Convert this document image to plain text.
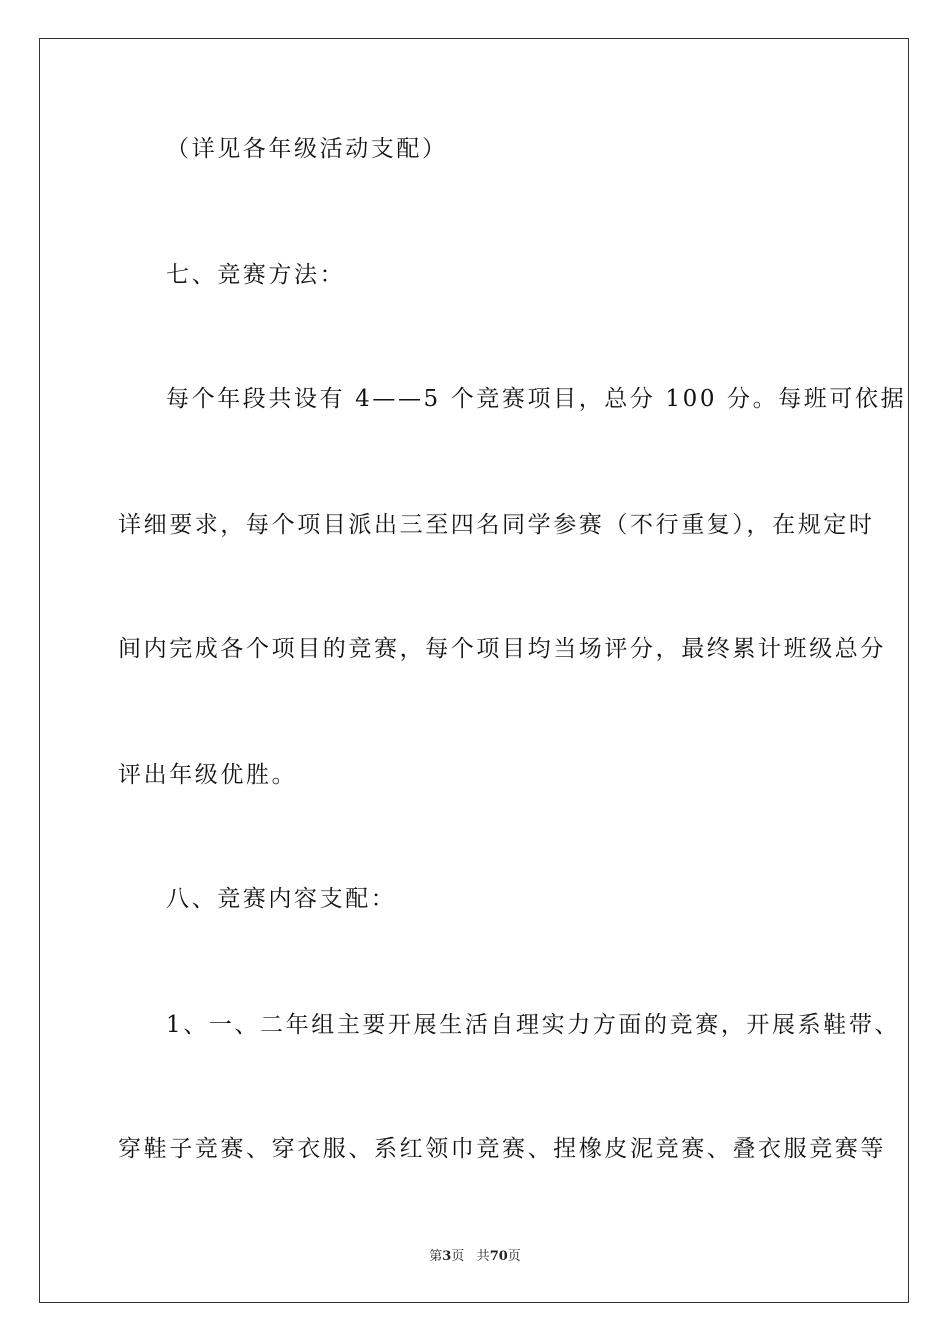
（详见各年级活动支配）
七、竞赛方法：
每个年段共设有 4——5 个竞赛项目，总分 100 分。每班可依据
详细要求，每个项目派出三至四名同学参赛（不行重复），在规定时
间内完成各个项目的竞赛，每个项目均当场评分，最终累计班级总分
评出年级优胜。
八、竞赛内容支配：
1、一、二年组主要开展生活自理实力方面的竞赛，开展系鞋带、
穿鞋子竞赛、穿衣服、系红领巾竞赛、捏橡皮泥竞赛、叠衣服竞赛等
第3页 共70页
